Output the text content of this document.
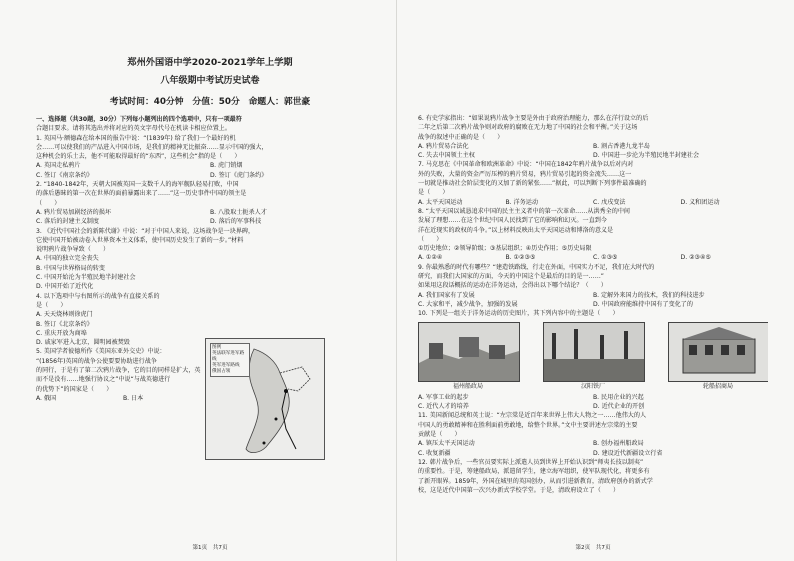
郑州外国语中学2020-2021学年上学期
八年级期中考试历史试卷
考试时间：40分钟　分值：50分　命题人：郭世豪

一、选择题（共30题，30分）下列每小题列出的四个选项中，只有一项最符

合题目要求。请将其选出并将对应的英文字母代号在机读卡相应位置上。

1. 英国马·额德森在给本国的报告中说：“(1839年) 给了我们一个最好的机

会……可以使我们的产品进入中国市场，是我们的精神无比振奋……显示中国的强大，

这种机会的乐土去，他不可能取得最好的“东西”，这些机会“指的是（　　）

A. 英国走私鸦片	B. 虎门销烟
C. 签订《南京条约》	D. 签订《虎门条约》

2. “1840-1842年，天朝大国被英国一支数千人的海军舰队轻易打败，中国

的落后愚昧的第一次在世界的面前暴露出来了……”这一历史事件中国的领主是

（　　）

A. 鸦片贸易加剧经济的损坏	B. 八股取士扼杀人才
C. 落后的封建主义制度	D. 落后的军事科技

3. 《近代中国社会的新陈代谢》中说：“对于中国人来说，这场战争是一块界碑，

它使中国开始被动卷入世界资本主义体系，使中国历史发生了新的一步。”材料

说明鸦片战争导致（　　）

A. 中国的独立完全丧失

B. 中国与世界格局的转变

C. 中国开始沦为半殖民地半封建社会

D. 中国开始了近代化

4. 以下选项中与右图所示的战争有直接关系的

是（　　）

A. 天天烧林则徐虎门

B. 签订《北京条约》

C. 重庆开放为商埠

D. 戚家军进入北京，圆明园被焚毁

5. 美国学者彼德所作《美国东亚外交史》中说：

“(1856年)英国的战争公使要要协助进行战争

的同行，于是有了第二次鸦片战争，它的目的同样是扩大，英

而不是没有……地强行协议之”中说“与战英德进行

的优势下”的国家是（　　）

A. 俄国	B. 日本
第1页　共7页
图例
英法联军进军路线
英军进军路线
俄国占领

6. 有史学家指出：“如果说鸦片战争主要是外由于政府治理能力，那么在洋行设立的后

二年之后第二次鸦片战争则对政府的腐败在无力地了中国的社会和平衡。”关于这场

战争的叙述中正确的是（　　）

A. 鸦片贸易合法化	B. 割占香港九龙半岛
C. 失去中国领土主权	D. 中国进一步沦为半殖民地半封建社会

7. 马克思在《中国革命和欧洲革命》中说：“中国在1842年鸦片战争以后对内对

外的失败，大量的资金严厉压榨的鸦片贸易，鸦片贸易引起的资金流失……这一

一切就是推动社会阶层变化的又加了新的紧张……”据此，可以判断下列事件最准确的

是（　　）

A. 太平天国运动	B. 洋务运动	C. 戊戌变法	D. 义和团运动

8. “太平天国以诚恳追求中国的民主主义者中的第一次革命……从洪秀全的中间

发展了理想……在这个世纪中国人民找到了它的影响和幻灭。一直到今

洋在近现实的政权的斗争。”以上材料反映出太平天国运动和博洛的意义是

（　　）

①历史地位；②领导阶级；③基层组织；④历史作用；⑤历史局限

A. ①②④	B. ①②③⑤	C. ①③⑤	D. ②③④⑤

9. 你最熟悉的时代有哪些？“建造铁路线、行走在外面，中国实力不足，我们在大时代的

研究，而我们大国家的方面，今天的中国这个是最后的目的是一……”

如果用这段话概括的运动在洋务运动，会得出以下哪个结论？（　　）

A. 我们国家有了发展	B. 定解外来国力的技术，我们的科技进步
C. 大家和平，减少战争，加强的发展	D. 中国政府能维持中国有了变化了的

10. 下列是一组关于洋务运动的历史图片，其下列内容中的主题是（　　）

福州船政局	汉阳铁厂	轮船招商局
A. 军事工业的起步	B. 民用企业的兴起
C. 近代人才的培养	D. 近代企业的开创

11. 美国新闻总统和英士说：“左宗棠是近百年来世界上伟大人物之一……他伟大的人

中国人的勇敢精神和在胜利面前勇敢地，给整个世界。”文中主要讲述左宗棠的主要

贡献是（　　）

A. 镇压太平天国运动	B. 创办福州船政局
C. 收复新疆	D. 建设近代新疆设立行省

12. 韩片战争后，一些官员要实际上派遣人员到世界上开始认识到“师夷长技以制夷”

的重要性。于是，筹建船政局，派遣留学生，建立海军组织，使军队现代化，将更多有

了新开眼界。1859年，外国在城里的英国创办，从而引进新教育，清政府创办的新式学

校，这是近代中国第一次兴办新式学校学堂。于是，清政府设立了（　　）

第2页　共7页
